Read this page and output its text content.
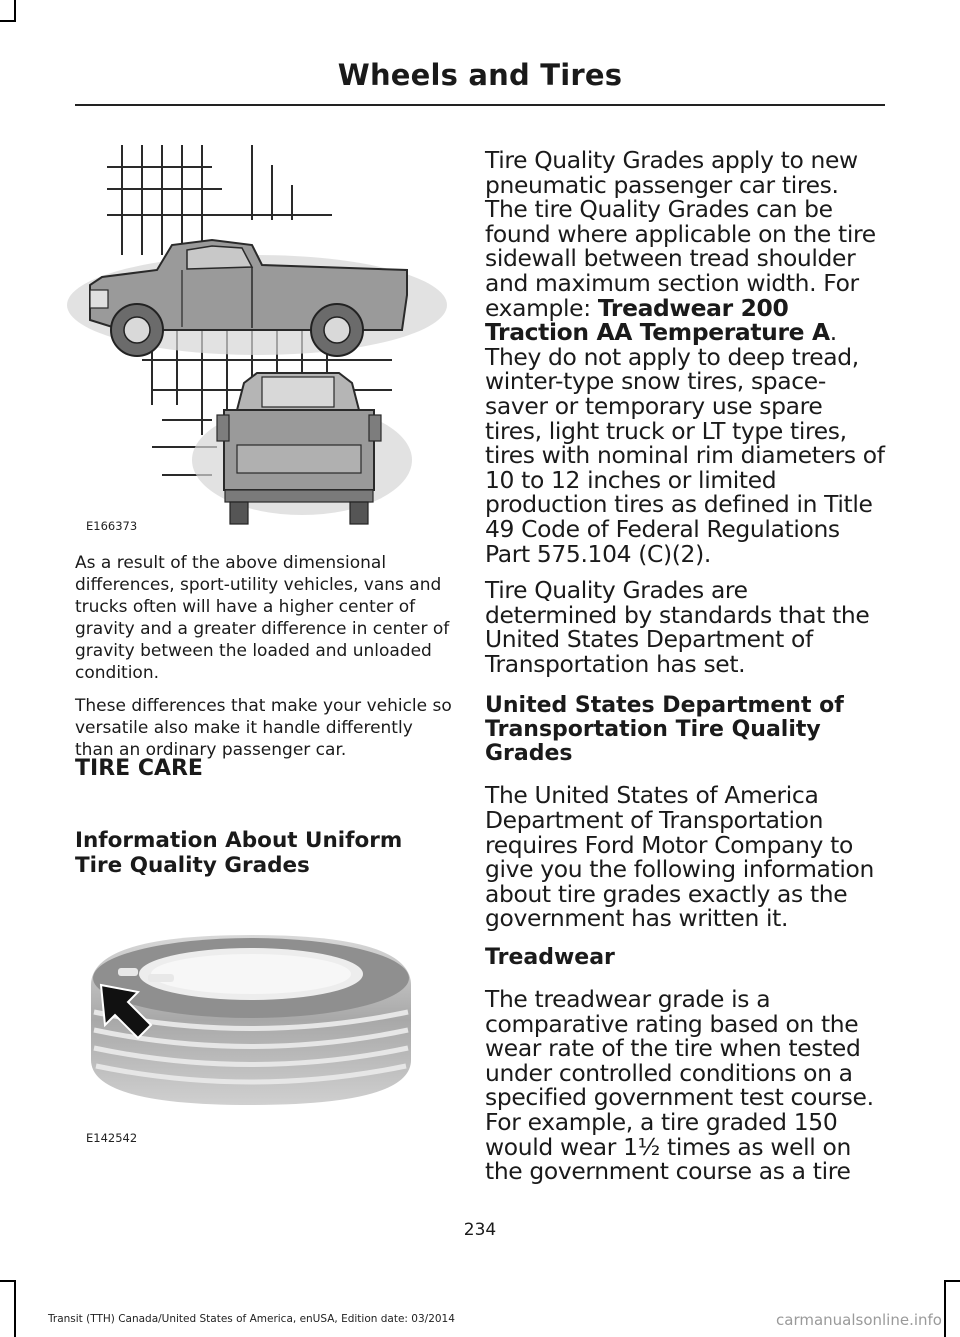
Wheels and Tires
E166373

As a result of the above dimensional differences, sport-utility vehicles, vans and trucks often will have a higher center of gravity and a greater difference in center of gravity between the loaded and unloaded condition.

These differences that make your vehicle so versatile also make it handle differently than an ordinary passenger car.

TIRE CARE

Information About Uniform Tire Quality Grades

E142542

Tire Quality Grades apply to new pneumatic passenger car tires. The tire Quality Grades can be found where applicable on the tire sidewall between tread shoulder and maximum section width. For example: Treadwear 200 Traction AA Temperature A. They do not apply to deep tread, winter-type snow tires, space-saver or temporary use spare tires, light truck or LT type tires, tires with nominal rim diameters of 10 to 12 inches or limited production tires as defined in Title 49 Code of Federal Regulations Part 575.104 (C)(2).

Tire Quality Grades are determined by standards that the United States Department of Transportation has set.

United States Department of Transportation Tire Quality Grades

The United States of America Department of Transportation requires Ford Motor Company to give you the following information about tire grades exactly as the government has written it.

Treadwear

The treadwear grade is a comparative rating based on the wear rate of the tire when tested under controlled conditions on a specified government test course. For example, a tire graded 150 would wear 1½ times as well on the government course as a tire

234
Transit (TTH) Canada/United States of America, enUSA, Edition date: 03/2014	carmanualsonline.info
